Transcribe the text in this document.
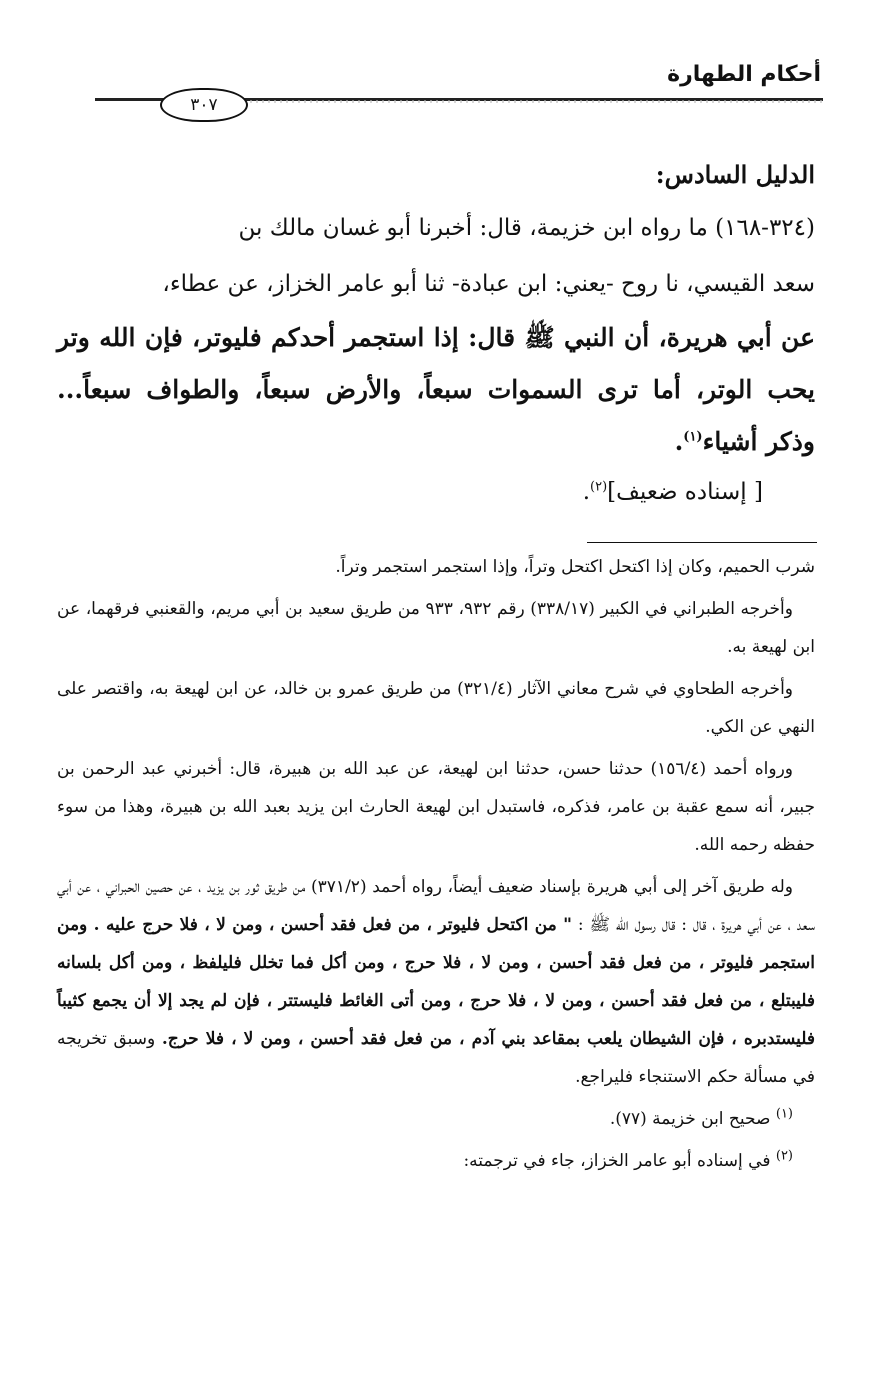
أحكام الطهارة
٣٠٧

الدليل السادس:

(٣٢٤-١٦٨) ما رواه ابن خزيمة، قال: أخبرنا أبو غسان مالك بن

سعد القيسي، نا روح -يعني: ابن عبادة- ثنا أبو عامر الخزاز، عن عطاء،

عن أبي هريرة، أن النبي ﷺ قال: إذا استجمر أحدكم فليوتر، فإن الله وتر يحب الوتر، أما ترى السموات سبعاً، والأرض سبعاً، والطواف سبعاً... وذكر أشياء$^{(١)}$.

[ إسناده ضعيف]$^{(٢)}$.

شرب الحميم، وكان إذا اكتحل اكتحل وتراً، وإذا استجمر استجمر وتراً.

وأخرجه الطبراني في الكبير (٣٣٨/١٧) رقم ٩٣٢، ٩٣٣ من طريق سعيد بن أبي مريم، والقعنبي فرقهما، عن ابن لهيعة به.

وأخرجه الطحاوي في شرح معاني الآثار (٣٢١/٤) من طريق عمرو بن خالد، عن ابن لهيعة به، واقتصر على النهي عن الكي.

ورواه أحمد (١٥٦/٤) حدثنا حسن، حدثنا ابن لهيعة، عن عبد الله بن هبيرة، قال: أخبرني عبد الرحمن بن جبير، أنه سمع عقبة بن عامر، فذكره، فاستبدل ابن لهيعة الحارث ابن يزيد بعبد الله بن هبيرة، وهذا من سوء حفظه رحمه الله.

وله طريق آخر إلى أبي هريرة بإسناد ضعيف أيضاً، رواه أحمد (٣٧١/٢) من طريق ثور بن يزيد ، عن حصين الحبراني ، عن أبي سعد ، عن أبي هريرة ، قال : قال رسول الله ﷺ : " من اكتحل فليوتر ، من فعل فقد أحسن ، ومن لا ، فلا حرج عليه . ومن استجمر فليوتر ، من فعل فقد أحسن ، ومن لا ، فلا حرج ، ومن أكل فما تخلل فليلفظ ، ومن أكل بلسانه فليبتلع ، من فعل فقد أحسن ، ومن لا ، فلا حرج ، ومن أتى الغائط فليستتر ، فإن لم يجد إلا أن يجمع كثيباً فليستدبره ، فإن الشيطان يلعب بمقاعد بني آدم ، من فعل فقد أحسن ، ومن لا ، فلا حرج. وسبق تخريجه في مسألة حكم الاستنجاء فليراجع.

$^{(١)}$ صحيح ابن خزيمة (٧٧).

$^{(٢)}$ في إسناده أبو عامر الخزاز، جاء في ترجمته:
